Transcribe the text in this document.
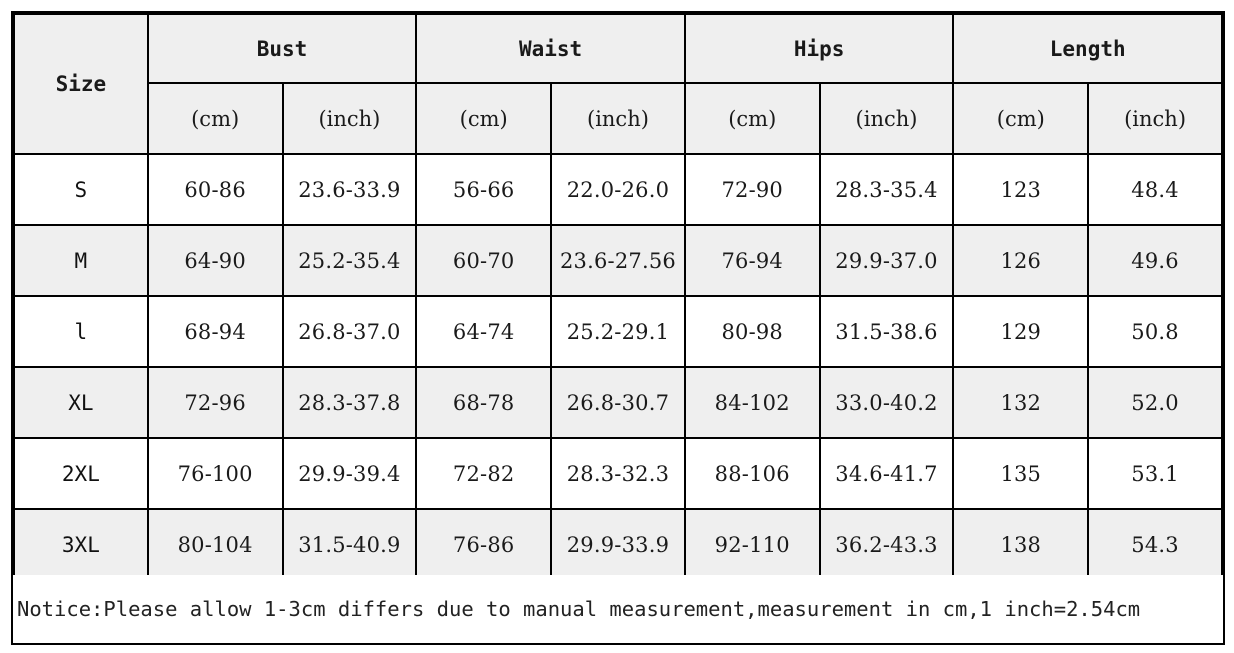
Size	Bust		Waist		Hips		Length	
	(cm)	(inch)	(cm)	(inch)	(cm)	(inch)	(cm)	(inch)
S	60-86	23.6-33.9	56-66	22.0-26.0	72-90	28.3-35.4	123	48.4
M	64-90	25.2-35.4	60-70	23.6-27.56	76-94	29.9-37.0	126	49.6
l	68-94	26.8-37.0	64-74	25.2-29.1	80-98	31.5-38.6	129	50.8
XL	72-96	28.3-37.8	68-78	26.8-30.7	84-102	33.0-40.2	132	52.0
2XL	76-100	29.9-39.4	72-82	28.3-32.3	88-106	34.6-41.7	135	53.1
3XL	80-104	31.5-40.9	76-86	29.9-33.9	92-110	36.2-43.3	138	54.3
Notice:Please allow 1-3cm differs due to manual measurement,measurement in cm,1 inch=2.54cm
